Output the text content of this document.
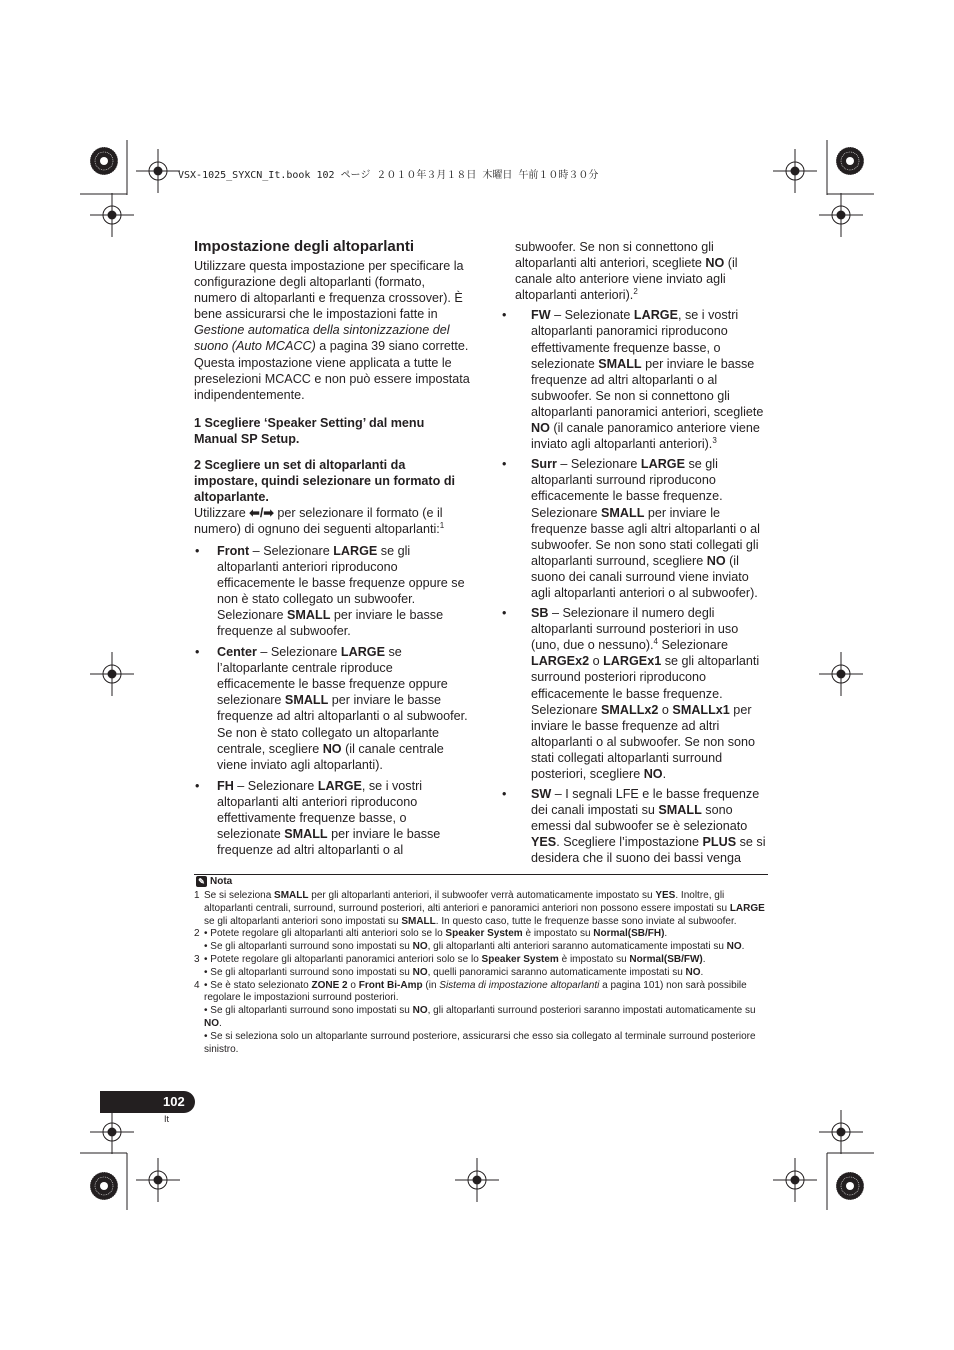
VSX-1025_SYXCN_It.book 102 ページ ２０１０年３月１８日 木曜日 午前１０時３０分

Impostazione degli altoparlanti

Utilizzare questa impostazione per specificare la configurazione degli altoparlanti (formato, numero di altoparlanti e frequenza crossover). È bene assicurarsi che le impostazioni fatte in Gestione automatica della sintonizzazione del suono (Auto MCACC) a pagina 39 siano corrette. Questa impostazione viene applicata a tutte le preselezioni MCACC e non può essere impostata indipendentemente.

1 Scegliere ‘Speaker Setting’ dal menu Manual SP Setup.

2 Scegliere un set di altoparlanti da impostare, quindi selezionare un formato di altoparlante.

Utilizzare ⬅/➡ per selezionare il formato (e il numero) di ognuno dei seguenti altoparlanti:$^1$

• Front – Selezionare LARGE se gli altoparlanti anteriori riproducono efficacemente le basse frequenze oppure se non è stato collegato un subwoofer. Selezionare SMALL per inviare le basse frequenze al subwoofer.

• Center – Selezionare LARGE se l’altoparlante centrale riproduce efficacemente le basse frequenze oppure selezionare SMALL per inviare le basse frequenze ad altri altoparlanti o al subwoofer. Se non è stato collegato un altoparlante centrale, scegliere NO (il canale centrale viene inviato agli altoparlanti).

• FH – Selezionare LARGE, se i vostri altoparlanti alti anteriori riproducono effettivamente frequenze basse, o selezionate SMALL per inviare le basse frequenze ad altri altoparlanti o al

subwoofer. Se non si connettono gli altoparlanti alti anteriori, scegliete NO (il canale alto anteriore viene inviato agli altoparlanti anteriori).$^2$

• FW – Selezionate LARGE, se i vostri altoparlanti panoramici riproducono effettivamente frequenze basse, o selezionate SMALL per inviare le basse frequenze ad altri altoparlanti o al subwoofer. Se non si connettono gli altoparlanti panoramici anteriori, scegliete NO (il canale panoramico anteriore viene inviato agli altoparlanti anteriori).$^3$

• Surr – Selezionare LARGE se gli altoparlanti surround riproducono efficacemente le basse frequenze. Selezionare SMALL per inviare le frequenze basse agli altri altoparlanti o al subwoofer. Se non sono stati collegati gli altoparlanti surround, scegliere NO (il suono dei canali surround viene inviato agli altoparlanti anteriori o al subwoofer).

• SB – Selezionare il numero degli altoparlanti surround posteriori in uso (uno, due o nessuno).$^4$ Selezionare LARGEx2 o LARGEx1 se gli altoparlanti surround posteriori riproducono efficacemente le basse frequenze. Selezionare SMALLx2 o SMALLx1 per inviare le basse frequenze ad altri altoparlanti o al subwoofer. Se non sono stati collegati altoparlanti surround posteriori, scegliere NO.

• SW – I segnali LFE e le basse frequenze dei canali impostati su SMALL sono emessi dal subwoofer se è selezionato YES. Scegliere l’impostazione PLUS se si desidera che il suono dei bassi venga

✎ Nota

1 Se si seleziona SMALL per gli altoparlanti anteriori, il subwoofer verrà automaticamente impostato su YES. Inoltre, gli altoparlanti centrali, surround, surround posteriori, alti anteriori e panoramici anteriori non possono essere impostati su LARGE se gli altoparlanti anteriori sono impostati su SMALL. In questo caso, tutte le frequenze basse sono inviate al subwoofer.

2 • Potete regolare gli altoparlanti alti anteriori solo se lo Speaker System è impostato su Normal(SB/FH).

• Se gli altoparlanti surround sono impostati su NO, gli altoparlanti alti anteriori saranno automaticamente impostati su NO.

3 • Potete regolare gli altoparlanti panoramici anteriori solo se lo Speaker System è impostato su Normal(SB/FW).

• Se gli altoparlanti surround sono impostati su NO, quelli panoramici saranno automaticamente impostati su NO.

4 • Se è stato selezionato ZONE 2 o Front Bi-Amp (in Sistema di impostazione altoparlanti a pagina 101) non sarà possibile regolare le impostazioni surround posteriori.

• Se gli altoparlanti surround sono impostati su NO, gli altoparlanti surround posteriori saranno impostati automaticamente su NO.

• Se si seleziona solo un altoparlante surround posteriore, assicurarsi che esso sia collegato al terminale surround posteriore sinistro.

102
It
